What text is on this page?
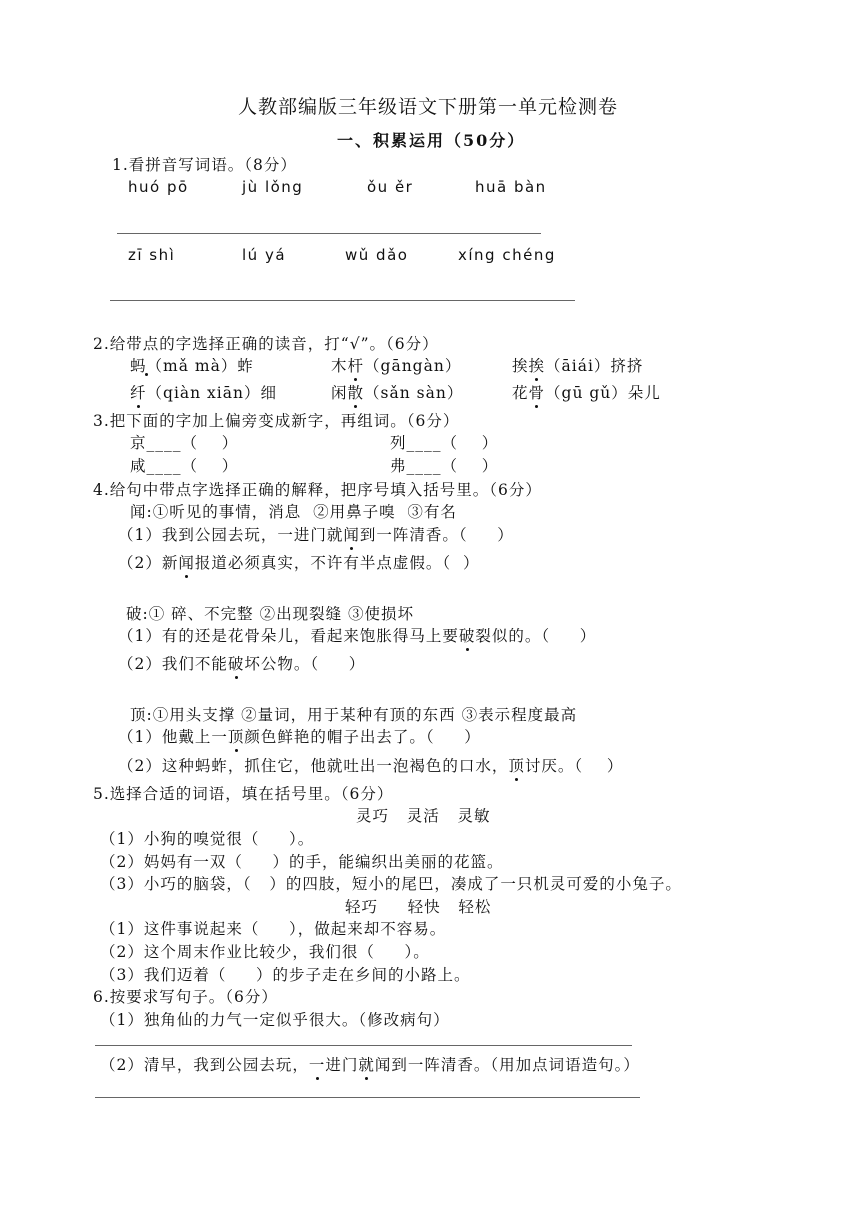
人教部编版三年级语文下册第一单元检测卷
一、积累运用（50分）
1.看拼音写词语。（8分）
huó pō	jù lǒng	ǒu ěr	huā bàn
zī shì	lú yá	wǔ dǎo	xíng chéng
2.给带点的字选择正确的读音，打“√”。（6分）
蚂（mǎ mà）蚱	木杆（gāngàn）	挨挨（āiái）挤挤
纤（qiàn xiān）细	闲散（sǎn sàn）	花骨（gū gǔ）朵儿
3.把下面的字加上偏旁变成新字，再组词。（6分）
京____（    ）	列____（    ）
咸____（    ）	弗____（    ）
4.给句中带点字选择正确的解释，把序号填入括号里。（6分）
闻:①听见的事情，消息  ②用鼻子嗅  ③有名
（1）我到公园去玩，一进门就闻到一阵清香。（     ）
（2）新闻报道必须真实，不许有半点虚假。（  ）
破:① 碎、不完整 ②出现裂缝 ③使损坏
（1）有的还是花骨朵儿，看起来饱胀得马上要破裂似的。（     ）
（2）我们不能破坏公物。（     ）
顶:①用头支撑 ②量词，用于某种有顶的东西 ③表示程度最高
（1）他戴上一顶颜色鲜艳的帽子出去了。（     ）
（2）这种蚂蚱，抓住它，他就吐出一泡褐色的口水，顶讨厌。（    ）
5.选择合适的词语，填在括号里。（6分）
灵巧   灵活   灵敏
（1）小狗的嗅觉很（     ）。
（2）妈妈有一双（     ）的手，能编织出美丽的花篮。
（3）小巧的脑袋，（   ）的四肢，短小的尾巴，凑成了一只机灵可爱的小兔子。
轻巧     轻快   轻松
（1）这件事说起来（     ），做起来却不容易。
（2）这个周末作业比较少，我们很（     ）。
（3）我们迈着（     ）的步子走在乡间的小路上。
6.按要求写句子。（6分）
（1）独角仙的力气一定似乎很大。（修改病句）
（2）清早，我到公园去玩，一进门就闻到一阵清香。（用加点词语造句。）
